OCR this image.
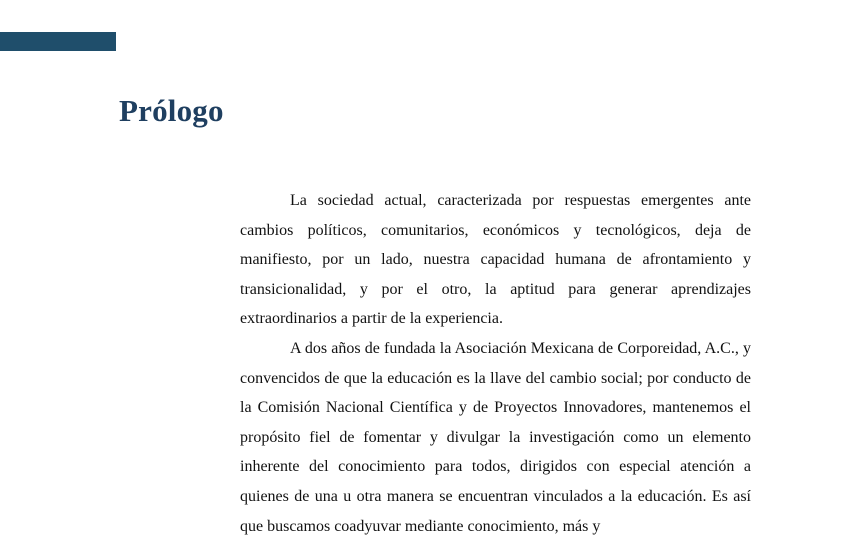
Prólogo

La sociedad actual, caracterizada por respuestas emergentes ante cambios políticos, comunitarios, económicos y tecnológicos, deja de manifiesto, por un lado, nuestra capacidad humana de afrontamiento y transicionalidad, y por el otro, la aptitud para generar aprendizajes extraordinarios a partir de la experiencia.

A dos años de fundada la Asociación Mexicana de Corporeidad, A.C., y convencidos de que la educación es la llave del cambio social; por conducto de la Comisión Nacional Científica y de Proyectos Innovadores, mantenemos el propósito fiel de fomentar y divulgar la investigación como un elemento inherente del conocimiento para todos, dirigidos con especial atención a quienes de una u otra manera se encuentran vinculados a la educación. Es así que buscamos coadyuvar mediante conocimiento, más y
